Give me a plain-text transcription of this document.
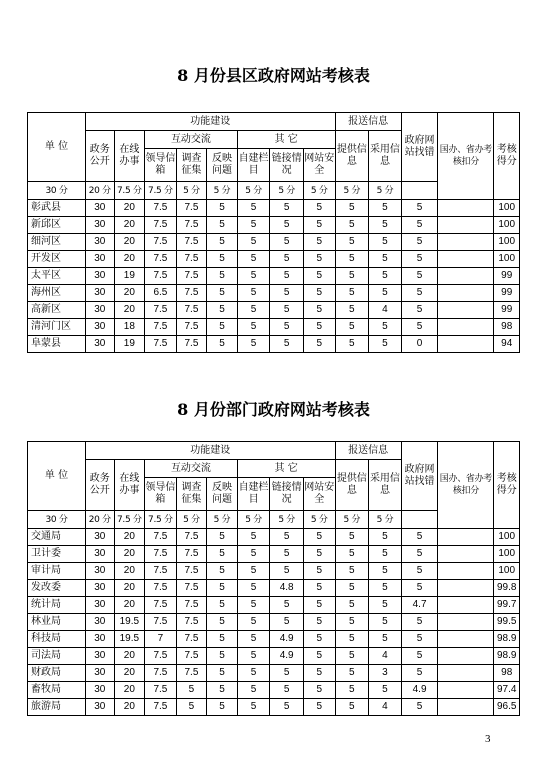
8 月份县区政府网站考核表
单 位	功能建设								报送信息		政府网站找错	国办、省办考核扣分	考核得分
	政务公开	在线办事	互动交流			其 它			提供信息	采用信息			
			领导信箱	调查征集	反映问题	自建栏目	链接情况	网站安全					
30 分	20 分	7.5 分	7.5 分	5 分	5 分	5 分	5 分	5 分	5 分	5 分			
彰武县	30	20	7.5	7.5	5	5	5	5	5	5	5		100
新邱区	30	20	7.5	7.5	5	5	5	5	5	5	5		100
细河区	30	20	7.5	7.5	5	5	5	5	5	5	5		100
开发区	30	20	7.5	7.5	5	5	5	5	5	5	5		100
太平区	30	19	7.5	7.5	5	5	5	5	5	5	5		99
海州区	30	20	6.5	7.5	5	5	5	5	5	5	5		99
高新区	30	20	7.5	7.5	5	5	5	5	5	4	5		99
清河门区	30	18	7.5	7.5	5	5	5	5	5	5	5		98
阜蒙县	30	19	7.5	7.5	5	5	5	5	5	5	0		94
8 月份部门政府网站考核表
单 位	功能建设								报送信息		政府网站找错	国办、省办考核扣分	考核得分
	政务公开	在线办事	互动交流			其 它			提供信息	采用信息			
			领导信箱	调查征集	反映问题	自建栏目	链接情况	网站安全					
30 分	20 分	7.5 分	7.5 分	5 分	5 分	5 分	5 分	5 分	5 分	5 分			
交通局	30	20	7.5	7.5	5	5	5	5	5	5	5		100
卫计委	30	20	7.5	7.5	5	5	5	5	5	5	5		100
审计局	30	20	7.5	7.5	5	5	5	5	5	5	5		100
发改委	30	20	7.5	7.5	5	5	4.8	5	5	5	5		99.8
统计局	30	20	7.5	7.5	5	5	5	5	5	5	4.7		99.7
林业局	30	19.5	7.5	7.5	5	5	5	5	5	5	5		99.5
科技局	30	19.5	7	7.5	5	5	4.9	5	5	5	5		98.9
司法局	30	20	7.5	7.5	5	5	4.9	5	5	4	5		98.9
财政局	30	20	7.5	7.5	5	5	5	5	5	3	5		98
畜牧局	30	20	7.5	5	5	5	5	5	5	5	4.9		97.4
旅游局	30	20	7.5	5	5	5	5	5	5	4	5		96.5
3
